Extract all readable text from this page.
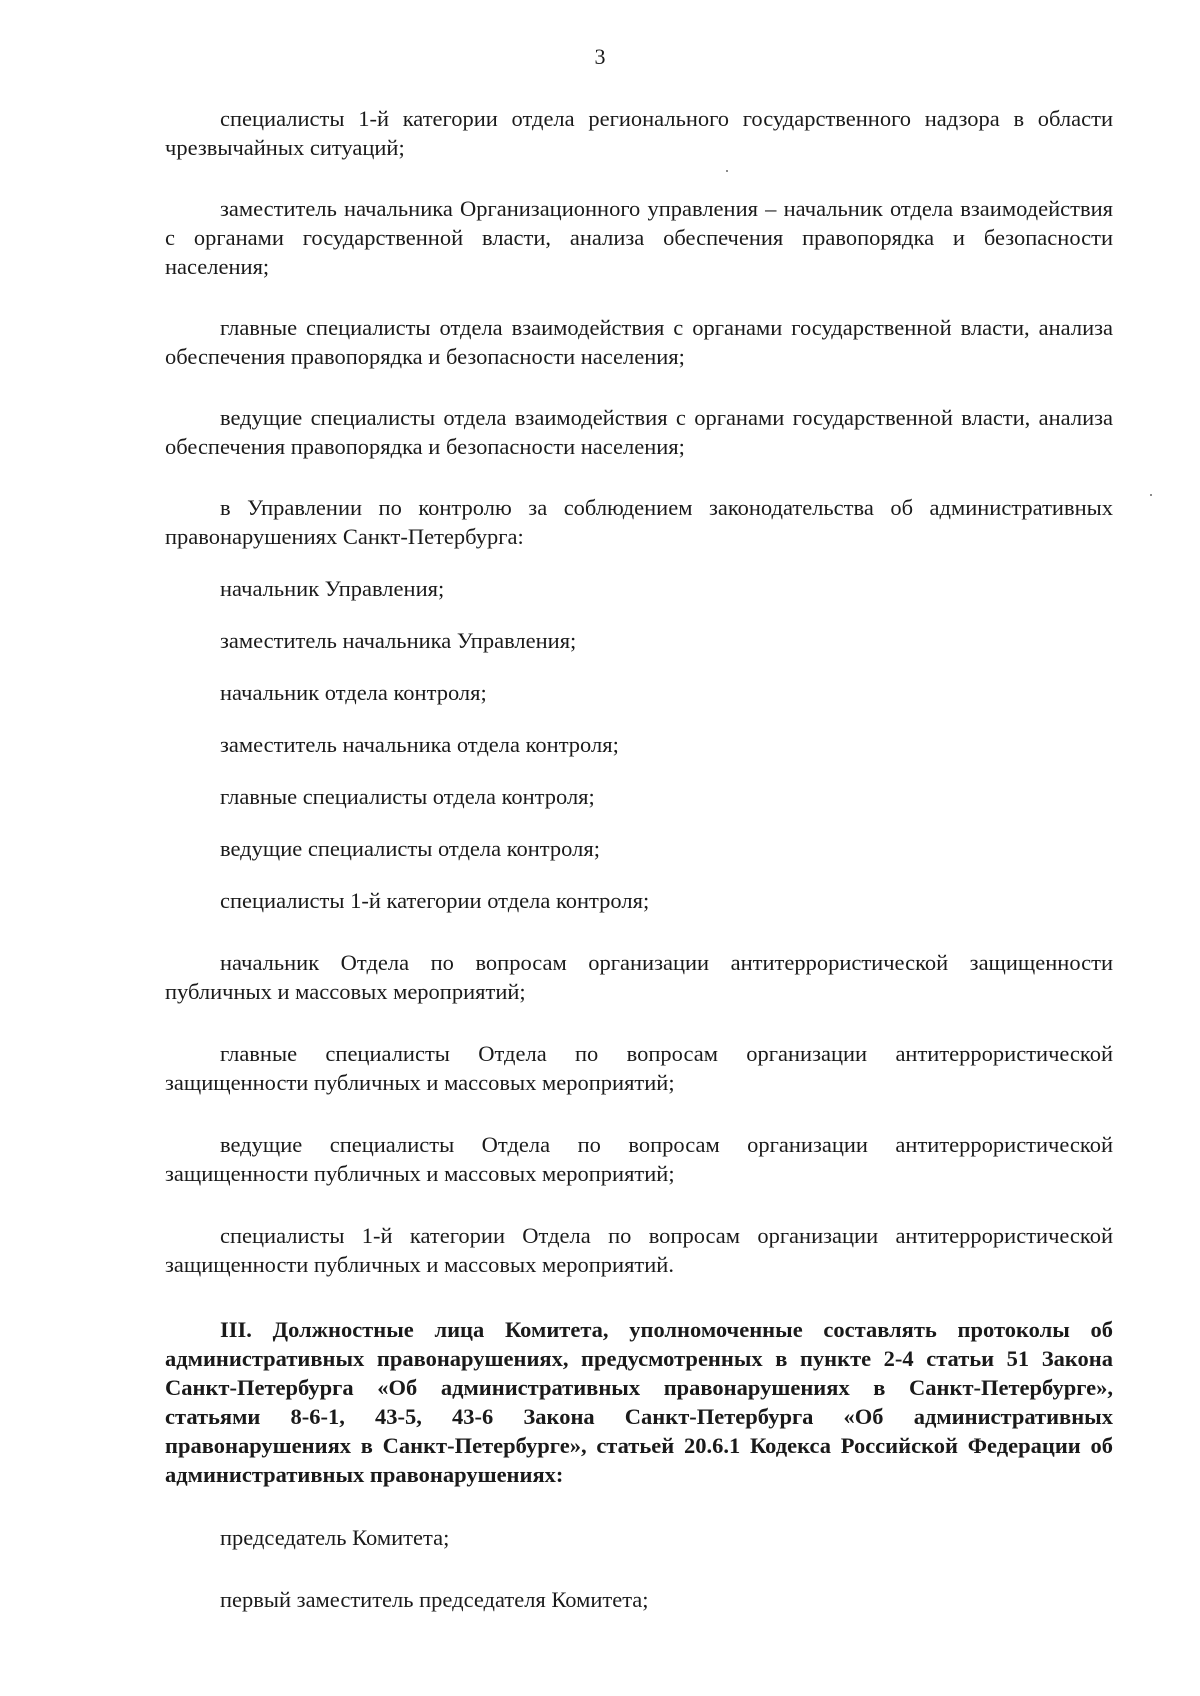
3

специалисты 1-й категории отдела регионального государственного надзора в области чрезвычайных ситуаций;

заместитель начальника Организационного управления – начальник отдела взаимодействия с органами государственной власти, анализа обеспечения правопорядка и безопасности населения;

главные специалисты отдела взаимодействия с органами государственной власти, анализа обеспечения правопорядка и безопасности населения;

ведущие специалисты отдела взаимодействия с органами государственной власти, анализа обеспечения правопорядка и безопасности населения;

в Управлении по контролю за соблюдением законодательства об административных правонарушениях Санкт-Петербурга:

начальник Управления;

заместитель начальника Управления;

начальник отдела контроля;

заместитель начальника отдела контроля;

главные специалисты отдела контроля;

ведущие специалисты отдела контроля;

специалисты 1-й категории отдела контроля;

начальник Отдела по вопросам организации антитеррористической защищенности публичных и массовых мероприятий;

главные специалисты Отдела по вопросам организации антитеррористической защищенности публичных и массовых мероприятий;

ведущие специалисты Отдела по вопросам организации антитеррористической защищенности публичных и массовых мероприятий;

специалисты 1-й категории Отдела по вопросам организации антитеррористической защищенности публичных и массовых мероприятий.

III. Должностные лица Комитета, уполномоченные составлять протоколы об административных правонарушениях, предусмотренных в пункте 2-4 статьи 51 Закона Санкт-Петербурга «Об административных правонарушениях в Санкт-Петербурге», статьями 8-6-1, 43-5, 43-6 Закона Санкт-Петербурга «Об административных правонарушениях в Санкт-Петербурге», статьей 20.6.1 Кодекса Российской Федерации об административных правонарушениях:

председатель Комитета;

первый заместитель председателя Комитета;
